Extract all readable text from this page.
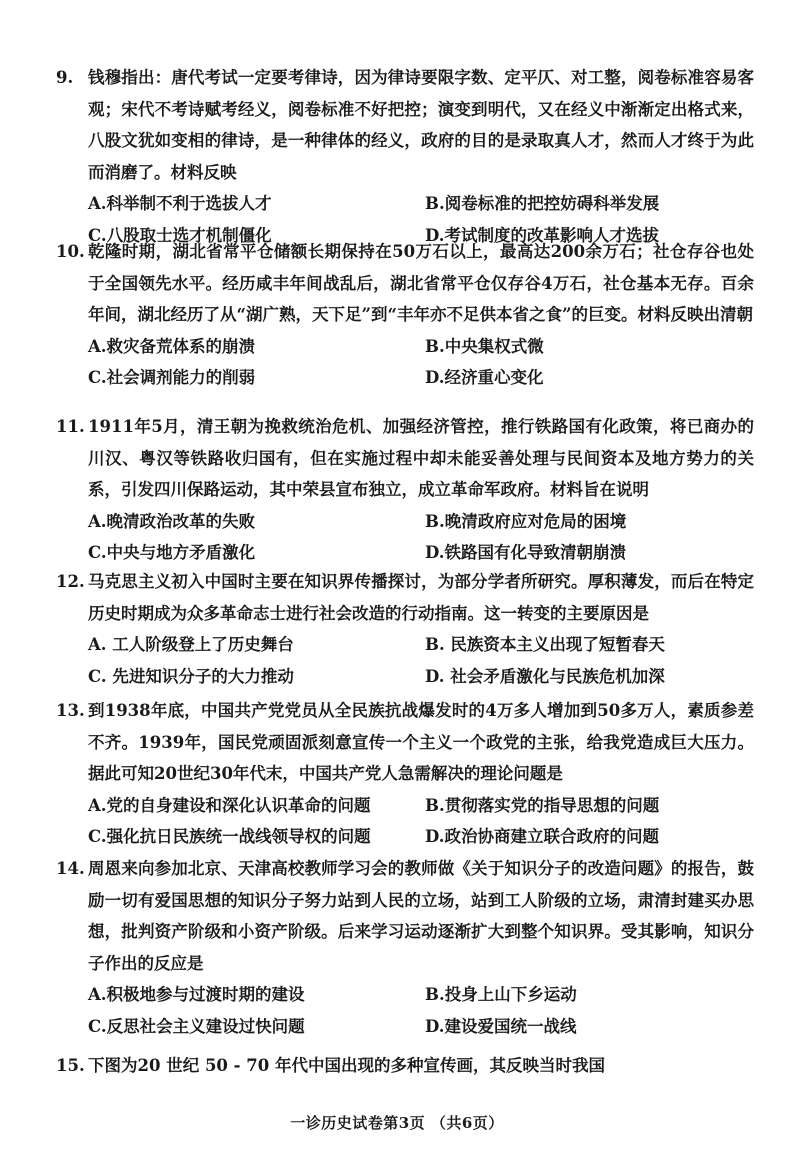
9. 钱穆指出：唐代考试一定要考律诗，因为律诗要限字数、定平仄、对工整，阅卷标准容易客观；宋代不考诗赋考经义，阅卷标准不好把控；演变到明代，又在经义中渐渐定出格式来，八股文犹如变相的律诗，是一种律体的经义，政府的目的是录取真人才，然而人才终于为此而消磨了。材料反映
A.科举制不利于选拔人才	B.阅卷标准的把控妨碍科举发展
C.八股取士选才机制僵化	D.考试制度的改革影响人才选拔
10. 乾隆时期，湖北省常平仓储额长期保持在50万石以上，最高达200余万石；社仓存谷也处于全国领先水平。经历咸丰年间战乱后，湖北省常平仓仅存谷4万石，社仓基本无存。百余年间，湖北经历了从“湖广熟，天下足”到“丰年亦不足供本省之食”的巨变。材料反映出清朝
A.救灾备荒体系的崩溃	B.中央集权式微
C.社会调剂能力的削弱	D.经济重心变化
11. 1911年5月，清王朝为挽救统治危机、加强经济管控，推行铁路国有化政策，将已商办的川汉、粤汉等铁路收归国有，但在实施过程中却未能妥善处理与民间资本及地方势力的关系，引发四川保路运动，其中荣县宣布独立，成立革命军政府。材料旨在说明
A.晚清政治改革的失败	B.晚清政府应对危局的困境
C.中央与地方矛盾激化	D.铁路国有化导致清朝崩溃
12. 马克思主义初入中国时主要在知识界传播探讨，为部分学者所研究。厚积薄发，而后在特定历史时期成为众多革命志士进行社会改造的行动指南。这一转变的主要原因是
A. 工人阶级登上了历史舞台	B. 民族资本主义出现了短暂春天
C. 先进知识分子的大力推动	D. 社会矛盾激化与民族危机加深
13. 到1938年底，中国共产党党员从全民族抗战爆发时的4万多人增加到50多万人，素质参差不齐。1939年，国民党顽固派刻意宣传一个主义一个政党的主张，给我党造成巨大压力。据此可知20世纪30年代末，中国共产党人急需解决的理论问题是
A.党的自身建设和深化认识革命的问题	B.贯彻落实党的指导思想的问题
C.强化抗日民族统一战线领导权的问题	D.政治协商建立联合政府的问题
14. 周恩来向参加北京、天津高校教师学习会的教师做《关于知识分子的改造问题》的报告，鼓励一切有爱国思想的知识分子努力站到人民的立场，站到工人阶级的立场，肃清封建买办思想，批判资产阶级和小资产阶级。后来学习运动逐渐扩大到整个知识界。受其影响，知识分子作出的反应是
A.积极地参与过渡时期的建设	B.投身上山下乡运动
C.反思社会主义建设过快问题	D.建设爱国统一战线
15. 下图为20 世纪 50 - 70 年代中国出现的多种宣传画，其反映当时我国
一诊历史试卷第3页 （共6页）
